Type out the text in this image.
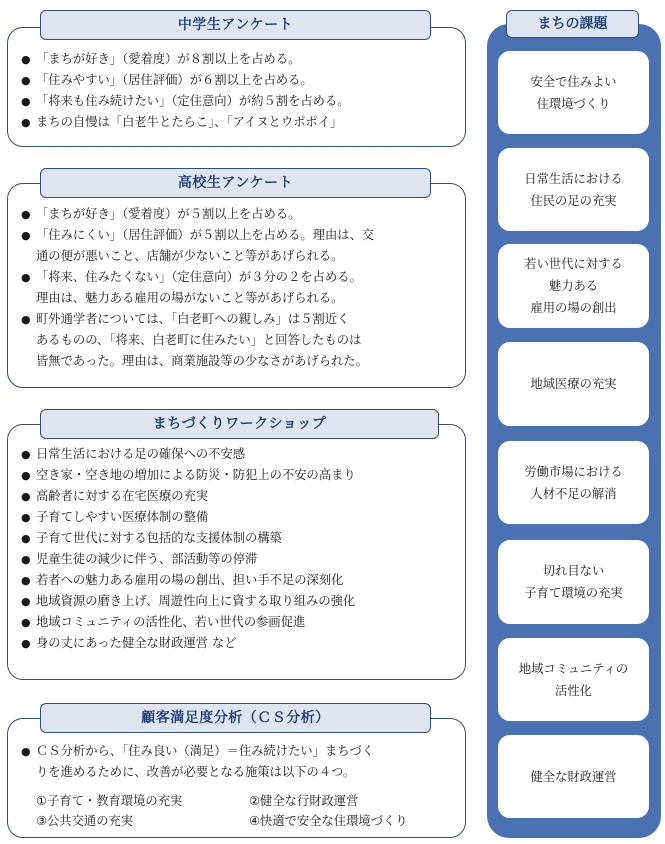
● 「まちが好き」（愛着度）が８割以上を占める。
● 「住みやすい」（居住評価）が６割以上を占める。
● 「将来も住み続けたい」（定住意向）が約５割を占める。
● まちの自慢は「白老牛とたらこ」、「アイヌとウポポイ」
中学生アンケート
● 「まちが好き」（愛着度）が５割以上を占める。
● 「住みにくい」（居住評価）が５割以上を占める。理由は、交
通の便が悪いこと、店舗が少ないこと等があげられる。
● 「将来、住みたくない」（定住意向）が３分の２を占める。
理由は、魅力ある雇用の場がないこと等があげられる。
● 町外通学者については、「白老町への親しみ」は５割近く
あるものの、「将来、白老町に住みたい」と回答したものは
皆無であった。理由は、商業施設等の少なさがあげられた。
高校生アンケート
● 日常生活における足の確保への不安感
● 空き家・空き地の増加による防災・防犯上の不安の高まり
● 高齢者に対する在宅医療の充実
● 子育てしやすい医療体制の整備
● 子育て世代に対する包括的な支援体制の構築
● 児童生徒の減少に伴う、部活動等の停滞
● 若者への魅力ある雇用の場の創出、担い手不足の深刻化
● 地域資源の磨き上げ、周遊性向上に資する取り組みの強化
● 地域コミュニティの活性化、若い世代の参画促進
● 身の丈にあった健全な財政運営 など
まちづくりワークショップ
● ＣＳ分析から、「住み良い（満足）＝住み続けたい」まちづく
りを進めるために、改善が必要となる施策は以下の４つ。
①子育て・教育環境の充実	②健全な行財政運営
③公共交通の充実	④快適で安全な住環境づくり
顧客満足度分析（ＣＳ分析）
まちの課題
安全で住みよい
住環境づくり
日常生活における
住民の足の充実
若い世代に対する
魅力ある
雇用の場の創出
地域医療の充実
労働市場における
人材不足の解消
切れ目ない
子育て環境の充実
地域コミュニティの
活性化
健全な財政運営
